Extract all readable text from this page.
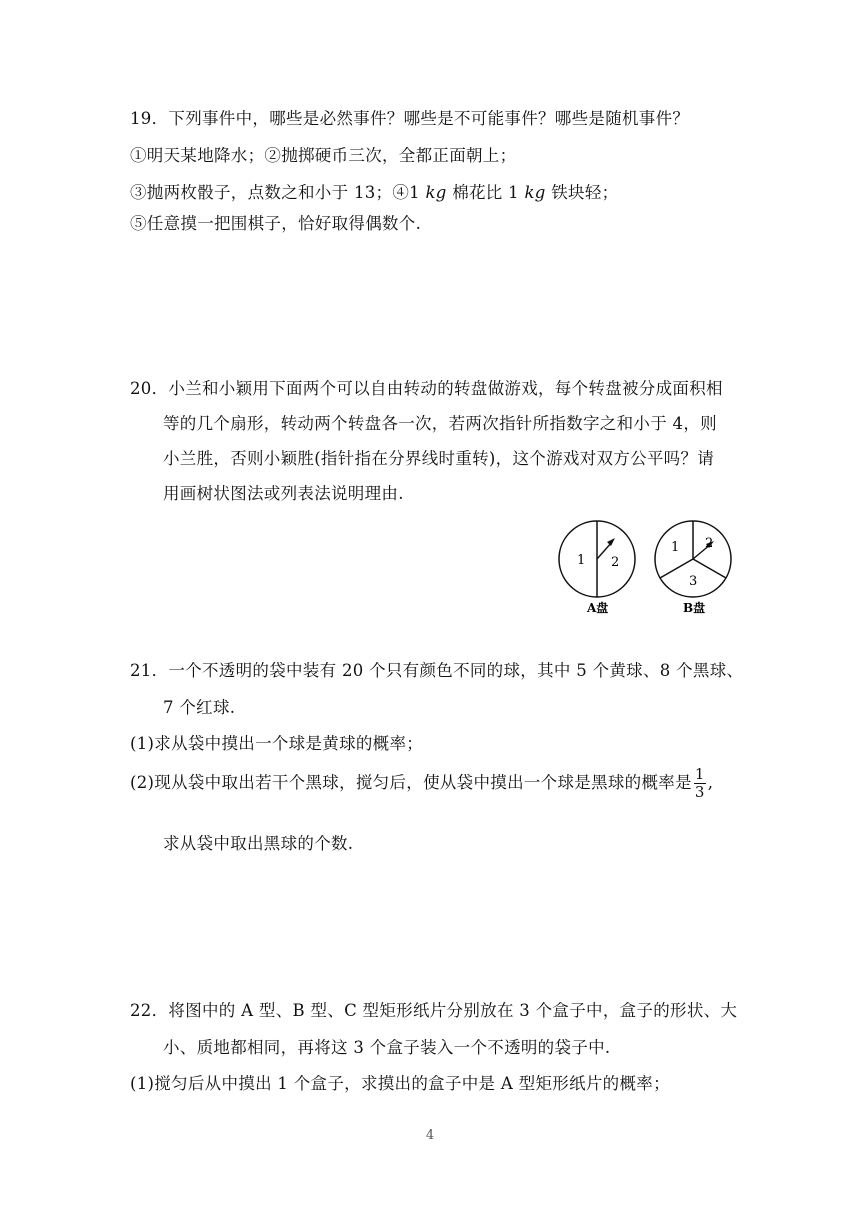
19．下列事件中，哪些是必然事件？哪些是不可能事件？哪些是随机事件？
①明天某地降水；②抛掷硬币三次，全都正面朝上；
③抛两枚骰子，点数之和小于 13；④1 kg 棉花比 1 kg 铁块轻；
⑤任意摸一把围棋子，恰好取得偶数个.
20．小兰和小颖用下面两个可以自由转动的转盘做游戏，每个转盘被分成面积相
等的几个扇形，转动两个转盘各一次，若两次指针所指数字之和小于 4，则
小兰胜，否则小颖胜(指针指在分界线时重转)，这个游戏对双方公平吗？请
用画树状图法或列表法说明理由.
1 2
A盘
1 2
3
B盘
21．一个不透明的袋中装有 20 个只有颜色不同的球，其中 5 个黄球、8 个黑球、
7 个红球.
(1)求从袋中摸出一个球是黄球的概率；
(2)现从袋中取出若干个黑球，搅匀后，使从袋中摸出一个球是黑球的概率是 $\frac{1}{3}$ ,
求从袋中取出黑球的个数.
22．将图中的 A 型、B 型、C 型矩形纸片分别放在 3 个盒子中，盒子的形状、大
小、质地都相同，再将这 3 个盒子装入一个不透明的袋子中.
(1)搅匀后从中摸出 1 个盒子，求摸出的盒子中是 A 型矩形纸片的概率；
4
